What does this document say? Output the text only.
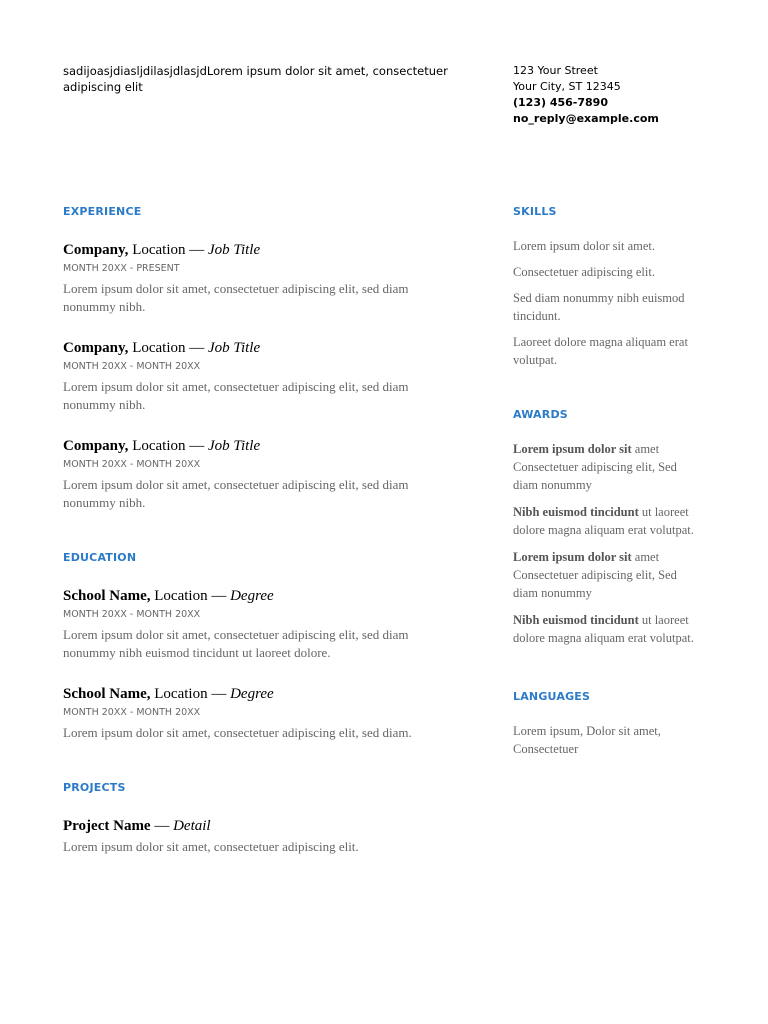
sadijoasjdiasljdilasjdlasjdLorem ipsum dolor sit amet, consectetuer adipiscing elit
123 Your Street
Your City, ST 12345
(123) 456-7890
no_reply@example.com
EXPERIENCE
Company, Location — Job Title
MONTH 20XX - PRESENT
Lorem ipsum dolor sit amet, consectetuer adipiscing elit, sed diam nonummy nibh.
Company, Location — Job Title
MONTH 20XX - MONTH 20XX
Lorem ipsum dolor sit amet, consectetuer adipiscing elit, sed diam nonummy nibh.
Company, Location — Job Title
MONTH 20XX - MONTH 20XX
Lorem ipsum dolor sit amet, consectetuer adipiscing elit, sed diam nonummy nibh.
EDUCATION
School Name, Location — Degree
MONTH 20XX - MONTH 20XX
Lorem ipsum dolor sit amet, consectetuer adipiscing elit, sed diam nonummy nibh euismod tincidunt ut laoreet dolore.
School Name, Location — Degree
MONTH 20XX - MONTH 20XX
Lorem ipsum dolor sit amet, consectetuer adipiscing elit, sed diam.
PROJECTS
Project Name — Detail
Lorem ipsum dolor sit amet, consectetuer adipiscing elit.
SKILLS

Lorem ipsum dolor sit amet.

Consectetuer adipiscing elit.

Sed diam nonummy nibh euismod tincidunt.

Laoreet dolore magna aliquam erat volutpat.

AWARDS

Lorem ipsum dolor sit amet Consectetuer adipiscing elit, Sed diam nonummy

Nibh euismod tincidunt ut laoreet dolore magna aliquam erat volutpat.

Lorem ipsum dolor sit amet Consectetuer adipiscing elit, Sed diam nonummy

Nibh euismod tincidunt ut laoreet dolore magna aliquam erat volutpat.

LANGUAGES

Lorem ipsum, Dolor sit amet, Consectetuer
